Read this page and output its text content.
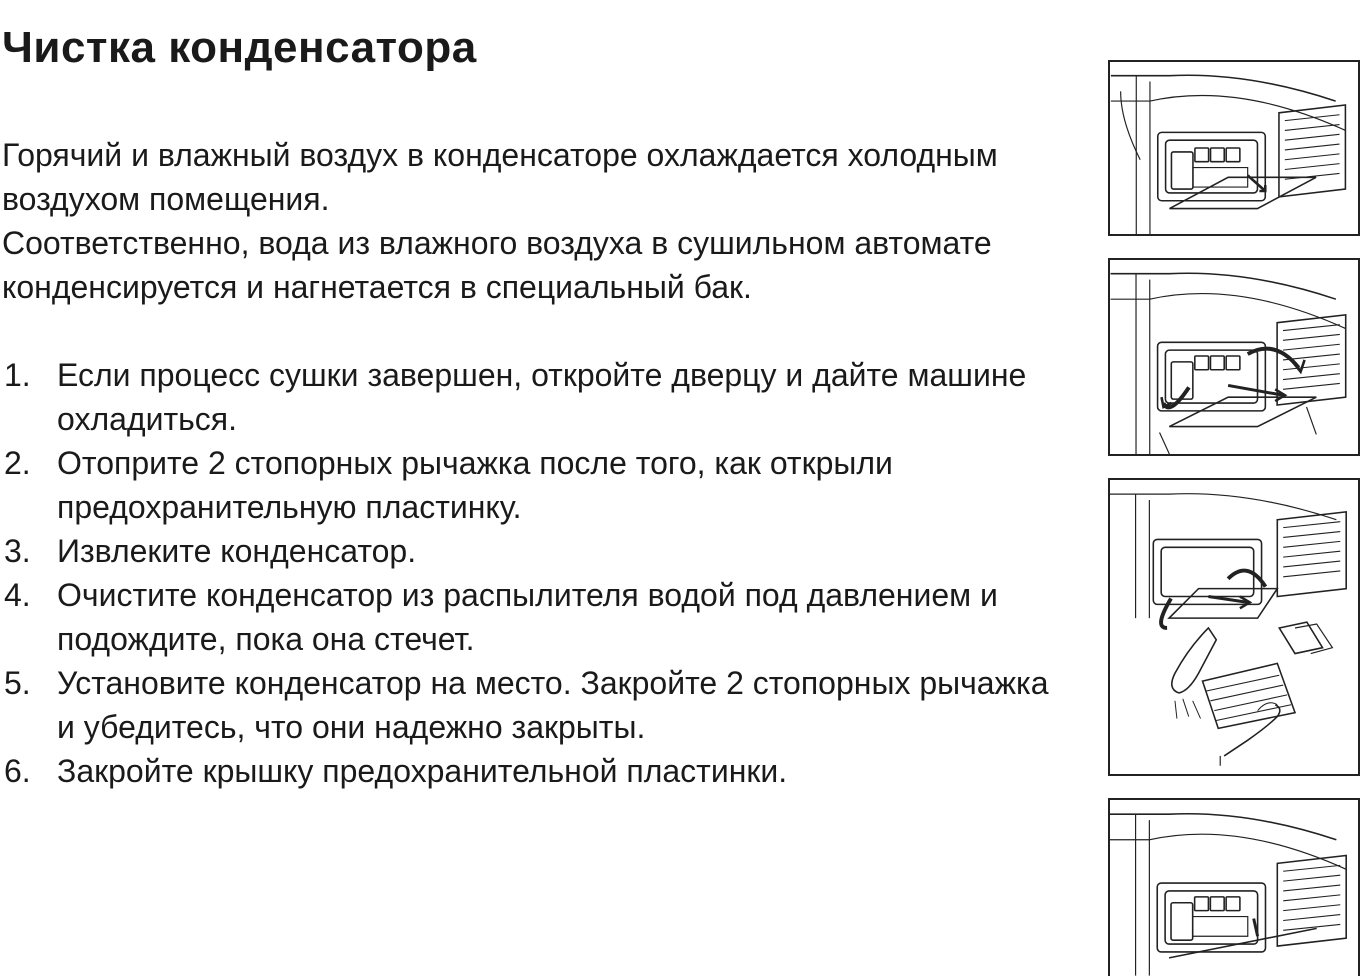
Чистка конденсатора

Горячий и влажный воздух в конденсаторе охлаждается холодным воздухом помещения.

Соответственно, вода из влажного воздуха в сушильном автомате конденсируется и нагнетается в специальный бак.

1. Если процесс сушки завершен, откройте дверцу и дайте машине охладиться.
2. Отоприте 2 стопорных рычажка после того, как открыли предохранительную пластинку.
3. Извлеките конденсатор.
4. Очистите конденсатор из распылителя водой под давлением и подождите, пока она стечет.
5. Установите конденсатор на место. Закройте 2 стопорных рычажка и убедитесь, что они надежно закрыты.
6. Закройте крышку предохранительной пластинки.
